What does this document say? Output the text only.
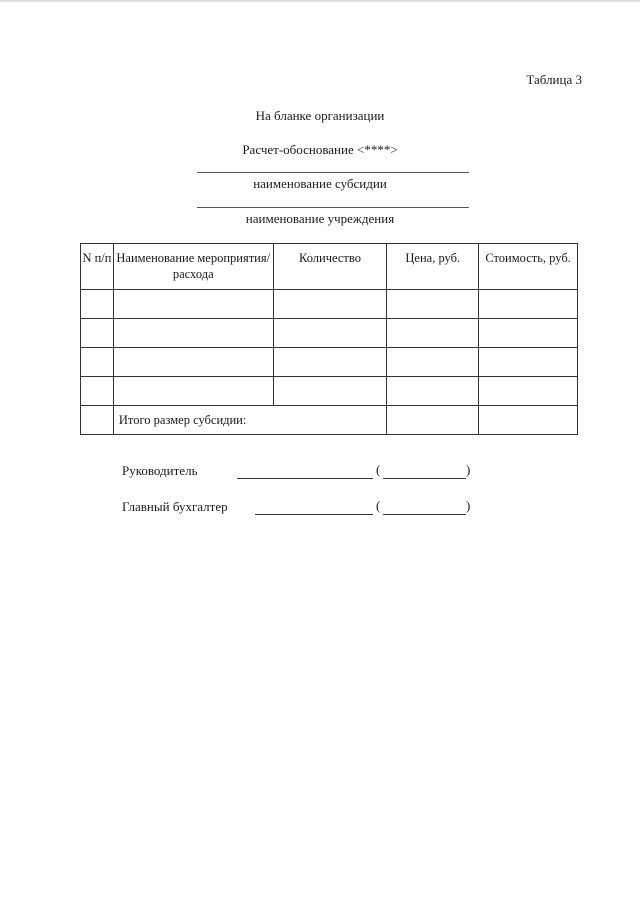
Таблица 3
На бланке организации
Расчет-обоснование <****>
наименование субсидии
наименование учреждения
N п/п	Наименование мероприятия/расхода	Количество	Цена, руб.	Стоимость, руб.

	Итого размер субсидии:			
Руководитель	(	)
Главный бухгалтер	(	)
